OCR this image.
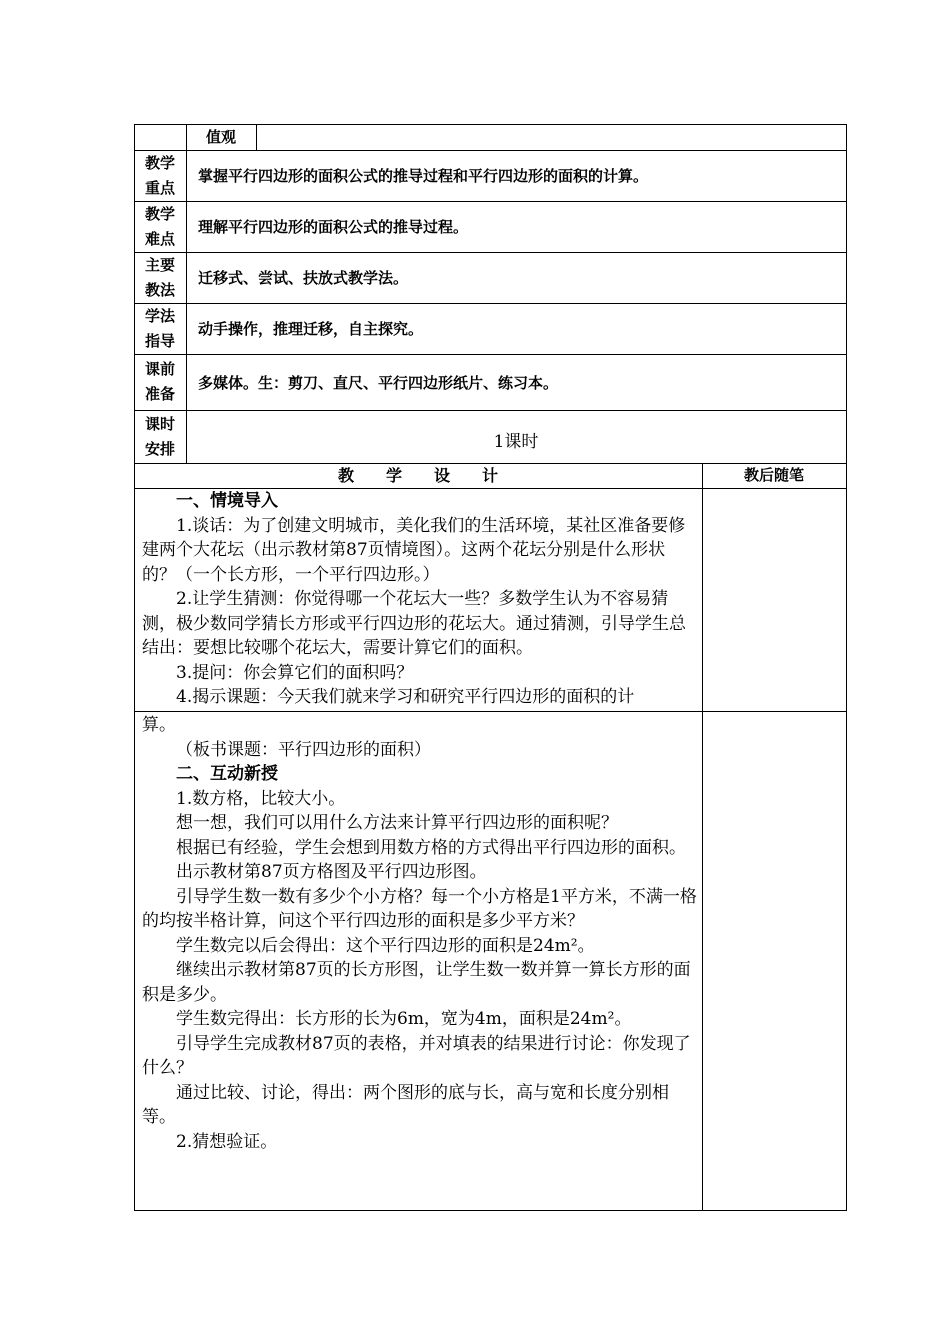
值观
教学
重点
掌握平行四边形的面积公式的推导过程和平行四边形的面积的计算。
教学
难点
理解平行四边形的面积公式的推导过程。
主要
教法
迁移式、尝试、扶放式教学法。
学法
指导
动手操作，推理迁移，自主探究。
课前
准备
多媒体。生：剪刀、直尺、平行四边形纸片、练习本。
课时
安排	1课时
教　　学　　设　　计	教后随笔

一、情境导入

1.谈话：为了创建文明城市，美化我们的生活环境，某社区准备要修建两个大花坛（出示教材第87页情境图）。这两个花坛分别是什么形状的？（一个长方形，一个平行四边形。）

2.让学生猜测：你觉得哪一个花坛大一些？多数学生认为不容易猜测，极少数同学猜长方形或平行四边形的花坛大。通过猜测，引导学生总结出：要想比较哪个花坛大，需要计算它们的面积。

3.提问：你会算它们的面积吗？

4.揭示课题：今天我们就来学习和研究平行四边形的面积的计

算。

（板书课题：平行四边形的面积）

二、互动新授

1.数方格，比较大小。

想一想，我们可以用什么方法来计算平行四边形的面积呢？

根据已有经验，学生会想到用数方格的方式得出平行四边形的面积。

出示教材第87页方格图及平行四边形图。

引导学生数一数有多少个小方格？每一个小方格是1平方米，不满一格的均按半格计算，问这个平行四边形的面积是多少平方米？

学生数完以后会得出：这个平行四边形的面积是24m²。

继续出示教材第87页的长方形图，让学生数一数并算一算长方形的面积是多少。

学生数完得出：长方形的长为6m，宽为4m，面积是24m²。

引导学生完成教材87页的表格，并对填表的结果进行讨论：你发现了什么？

通过比较、讨论，得出：两个图形的底与长，高与宽和长度分别相等。

2.猜想验证。
